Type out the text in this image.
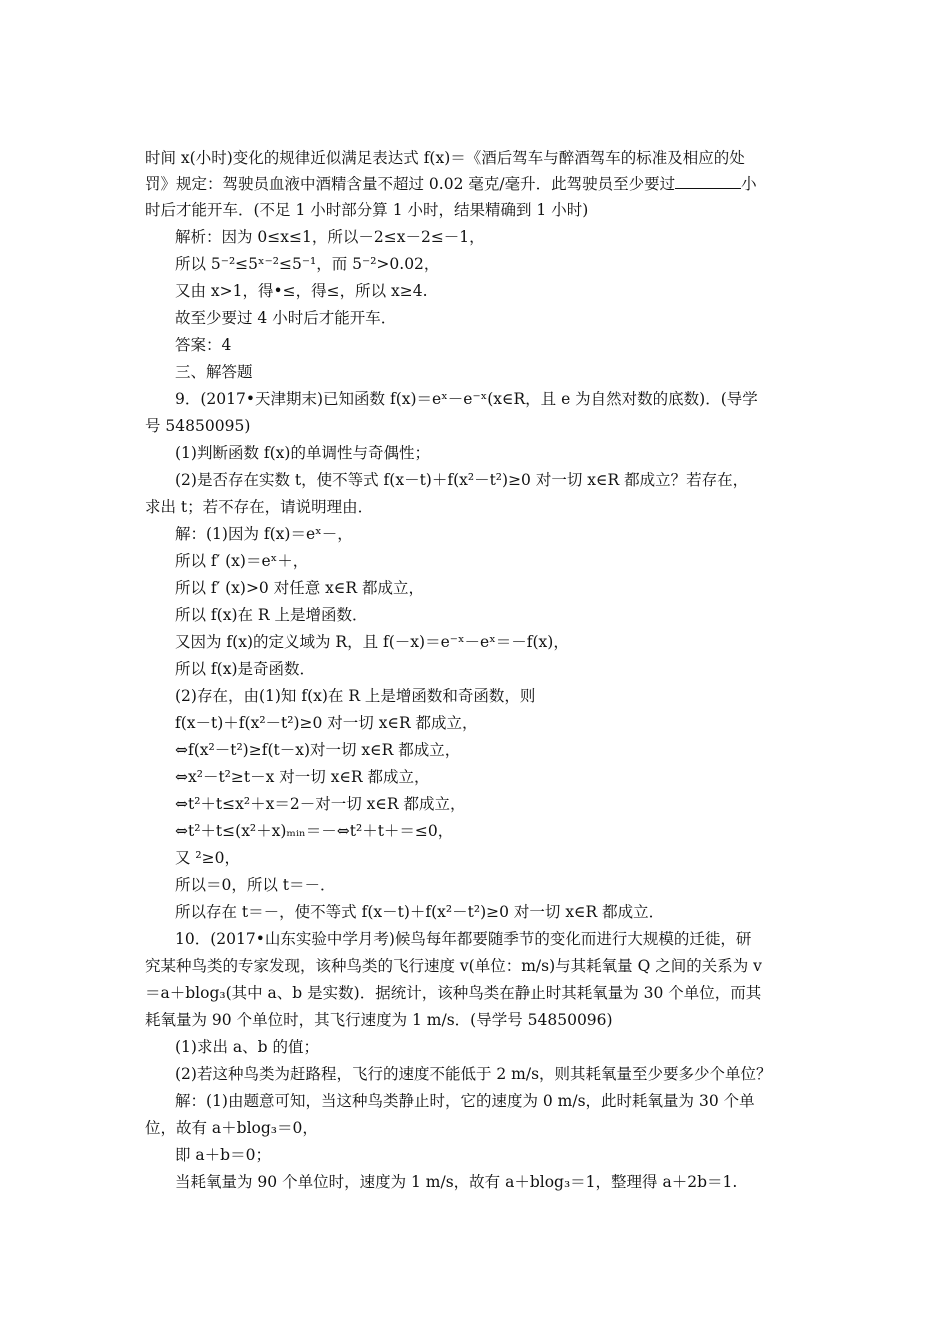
时间 x(小时)变化的规律近似满足表达式 f(x)＝《酒后驾车与醉酒驾车的标准及相应的处
罚》规定：驾驶员血液中酒精含量不超过 0.02 毫克/毫升．此驾驶员至少要过	小
时后才能开车．(不足 1 小时部分算 1 小时，结果精确到 1 小时)
解析：因为 0≤x≤1，所以－2≤x－2≤－1，
所以 5⁻²≤5ˣ⁻²≤5⁻¹，而 5⁻²>0.02，
又由 x>1，得•≤，得≤，所以 x≥4.
故至少要过 4 小时后才能开车．
答案：4
三、解答题
9．(2017•天津期末)已知函数 f(x)＝eˣ－e⁻ˣ(x∈R，且 e 为自然对数的底数)．(导学
号 54850095)
(1)判断函数 f(x)的单调性与奇偶性；
(2)是否存在实数 t，使不等式 f(x－t)＋f(x²－t²)≥0 对一切 x∈R 都成立？若存在，
求出 t；若不存在，请说明理由．
解：(1)因为 f(x)＝eˣ－，
所以 f′ (x)＝eˣ＋，
所以 f′ (x)>0 对任意 x∈R 都成立，
所以 f(x)在 R 上是增函数．
又因为 f(x)的定义域为 R，且 f(－x)＝e⁻ˣ－eˣ＝－f(x)，
所以 f(x)是奇函数．
(2)存在，由(1)知 f(x)在 R 上是增函数和奇函数，则
f(x－t)＋f(x²－t²)≥0 对一切 x∈R 都成立，
⇔f(x²－t²)≥f(t－x)对一切 x∈R 都成立，
⇔x²－t²≥t－x 对一切 x∈R 都成立，
⇔t²＋t≤x²＋x＝2－对一切 x∈R 都成立，
⇔t²＋t≤(x²＋x)ₘᵢₙ＝－⇔t²＋t＋＝≤0，
又 ²≥0，
所以＝0，所以 t＝－．
所以存在 t＝－，使不等式 f(x－t)＋f(x²－t²)≥0 对一切 x∈R 都成立．
10．(2017•山东实验中学月考)候鸟每年都要随季节的变化而进行大规模的迁徙，研
究某种鸟类的专家发现，该种鸟类的飞行速度 v(单位：m/s)与其耗氧量 Q 之间的关系为 v
＝a＋blog₃(其中 a、b 是实数)．据统计，该种鸟类在静止时其耗氧量为 30 个单位，而其
耗氧量为 90 个单位时，其飞行速度为 1 m/s．(导学号 54850096)
(1)求出 a、b 的值；
(2)若这种鸟类为赶路程，飞行的速度不能低于 2 m/s，则其耗氧量至少要多少个单位？
解：(1)由题意可知，当这种鸟类静止时，它的速度为 0 m/s，此时耗氧量为 30 个单
位，故有 a＋blog₃＝0，
即 a＋b＝0；
当耗氧量为 90 个单位时，速度为 1 m/s，故有 a＋blog₃＝1，整理得 a＋2b＝1.
